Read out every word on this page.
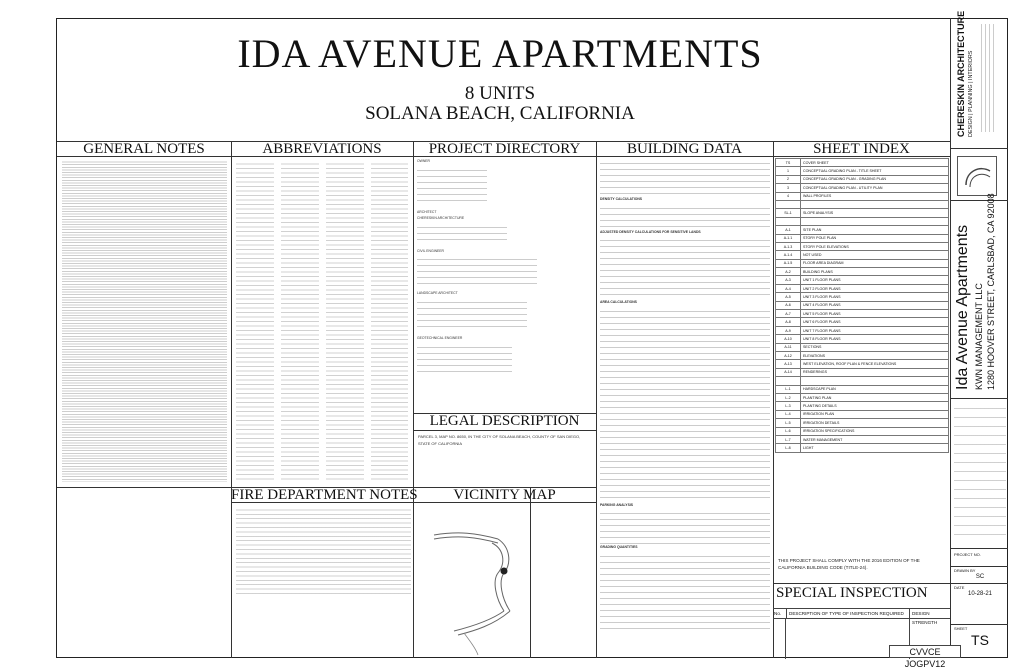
IDA AVENUE APARTMENTS
8 UNITS
SOLANA BEACH, CALIFORNIA
GENERAL NOTES	ABBREVIATIONS	PROJECT DIRECTORY	BUILDING DATA	SHEET INDEX
OWNER
ARCHITECT
CHERESKIN ARCHITECTURE
CIVIL ENGINEER
LANDSCAPE ARCHITECT
GEOTECHNICAL ENGINEER
LEGAL DESCRIPTION
PARCEL 3, MAP NO. 8650, IN THE CITY OF SOLANA BEACH, COUNTY OF SAN DIEGO, STATE OF CALIFORNIA
DENSITY CALCULATIONS
ADJUSTED DENSITY CALCULATIONS FOR SENSITIVE LANDS
AREA CALCULATIONS
PARKING ANALYSIS
GRADING QUANTITIES
TS	COVER SHEET
1	CONCEPTUAL GRADING PLAN - TITLE SHEET
2	CONCEPTUAL GRADING PLAN - GRADING PLAN
3	CONCEPTUAL GRADING PLAN - UTILITY PLAN
4	WALL PROFILES

SL-1	SLOPE ANALYSIS

A-1	SITE PLAN
A-1.1	STORY POLE PLAN
A-1.3	STORY POLE ELEVATIONS
A-1.4	NOT USED
A-1.5	FLOOR AREA DIAGRAM
A-2	BUILDING PLANS
A-3	UNIT 1 FLOOR PLANS
A-4	UNIT 2 FLOOR PLANS
A-5	UNIT 3 FLOOR PLANS
A-6	UNIT 4 FLOOR PLANS
A-7	UNIT 5 FLOOR PLANS
A-8	UNIT 6 FLOOR PLANS
A-9	UNIT 7 FLOOR PLANS
A-10	UNIT 8 FLOOR PLANS
A-11	SECTIONS
A-12	ELEVATIONS
A-13	WEST ELEVATION, ROOF PLAN & FENCE ELEVATIONS
A-14	RENDERINGS

L-1	HARDSCAPE PLAN
L-2	PLANTING PLAN
L-3	PLANTING DETAILS
L-4	IRRIGATION PLAN
L-5	IRRIGATION DETAILS
L-6	IRRIGATION SPECIFICATIONS
L-7	WATER MANAGEMENT
L-8	LIGHT
THIS PROJECT SHALL COMPLY WITH THE 2016 EDITION OF THE CALIFORNIA BUILDING CODE (TITLE-24).
SPECIAL INSPECTION
No.	DESCRIPTION OF TYPE OF INSPECTION REQUIRED	DESIGN STRENGTH
FIRE DEPARTMENT NOTES	VICINITY MAP
CHERESKIN ARCHITECTURE DESIGN | PLANNING | INTERIORS
Ida Avenue Apartments KWN MANAGEMENT LLC 1280 HOOVER STREET, CARLSBAD, CA 92008
PROJECT NO.
DRAWN BY
SC
DATE
10-28-21
SHEET
TS
CVVCE JOGPV12
